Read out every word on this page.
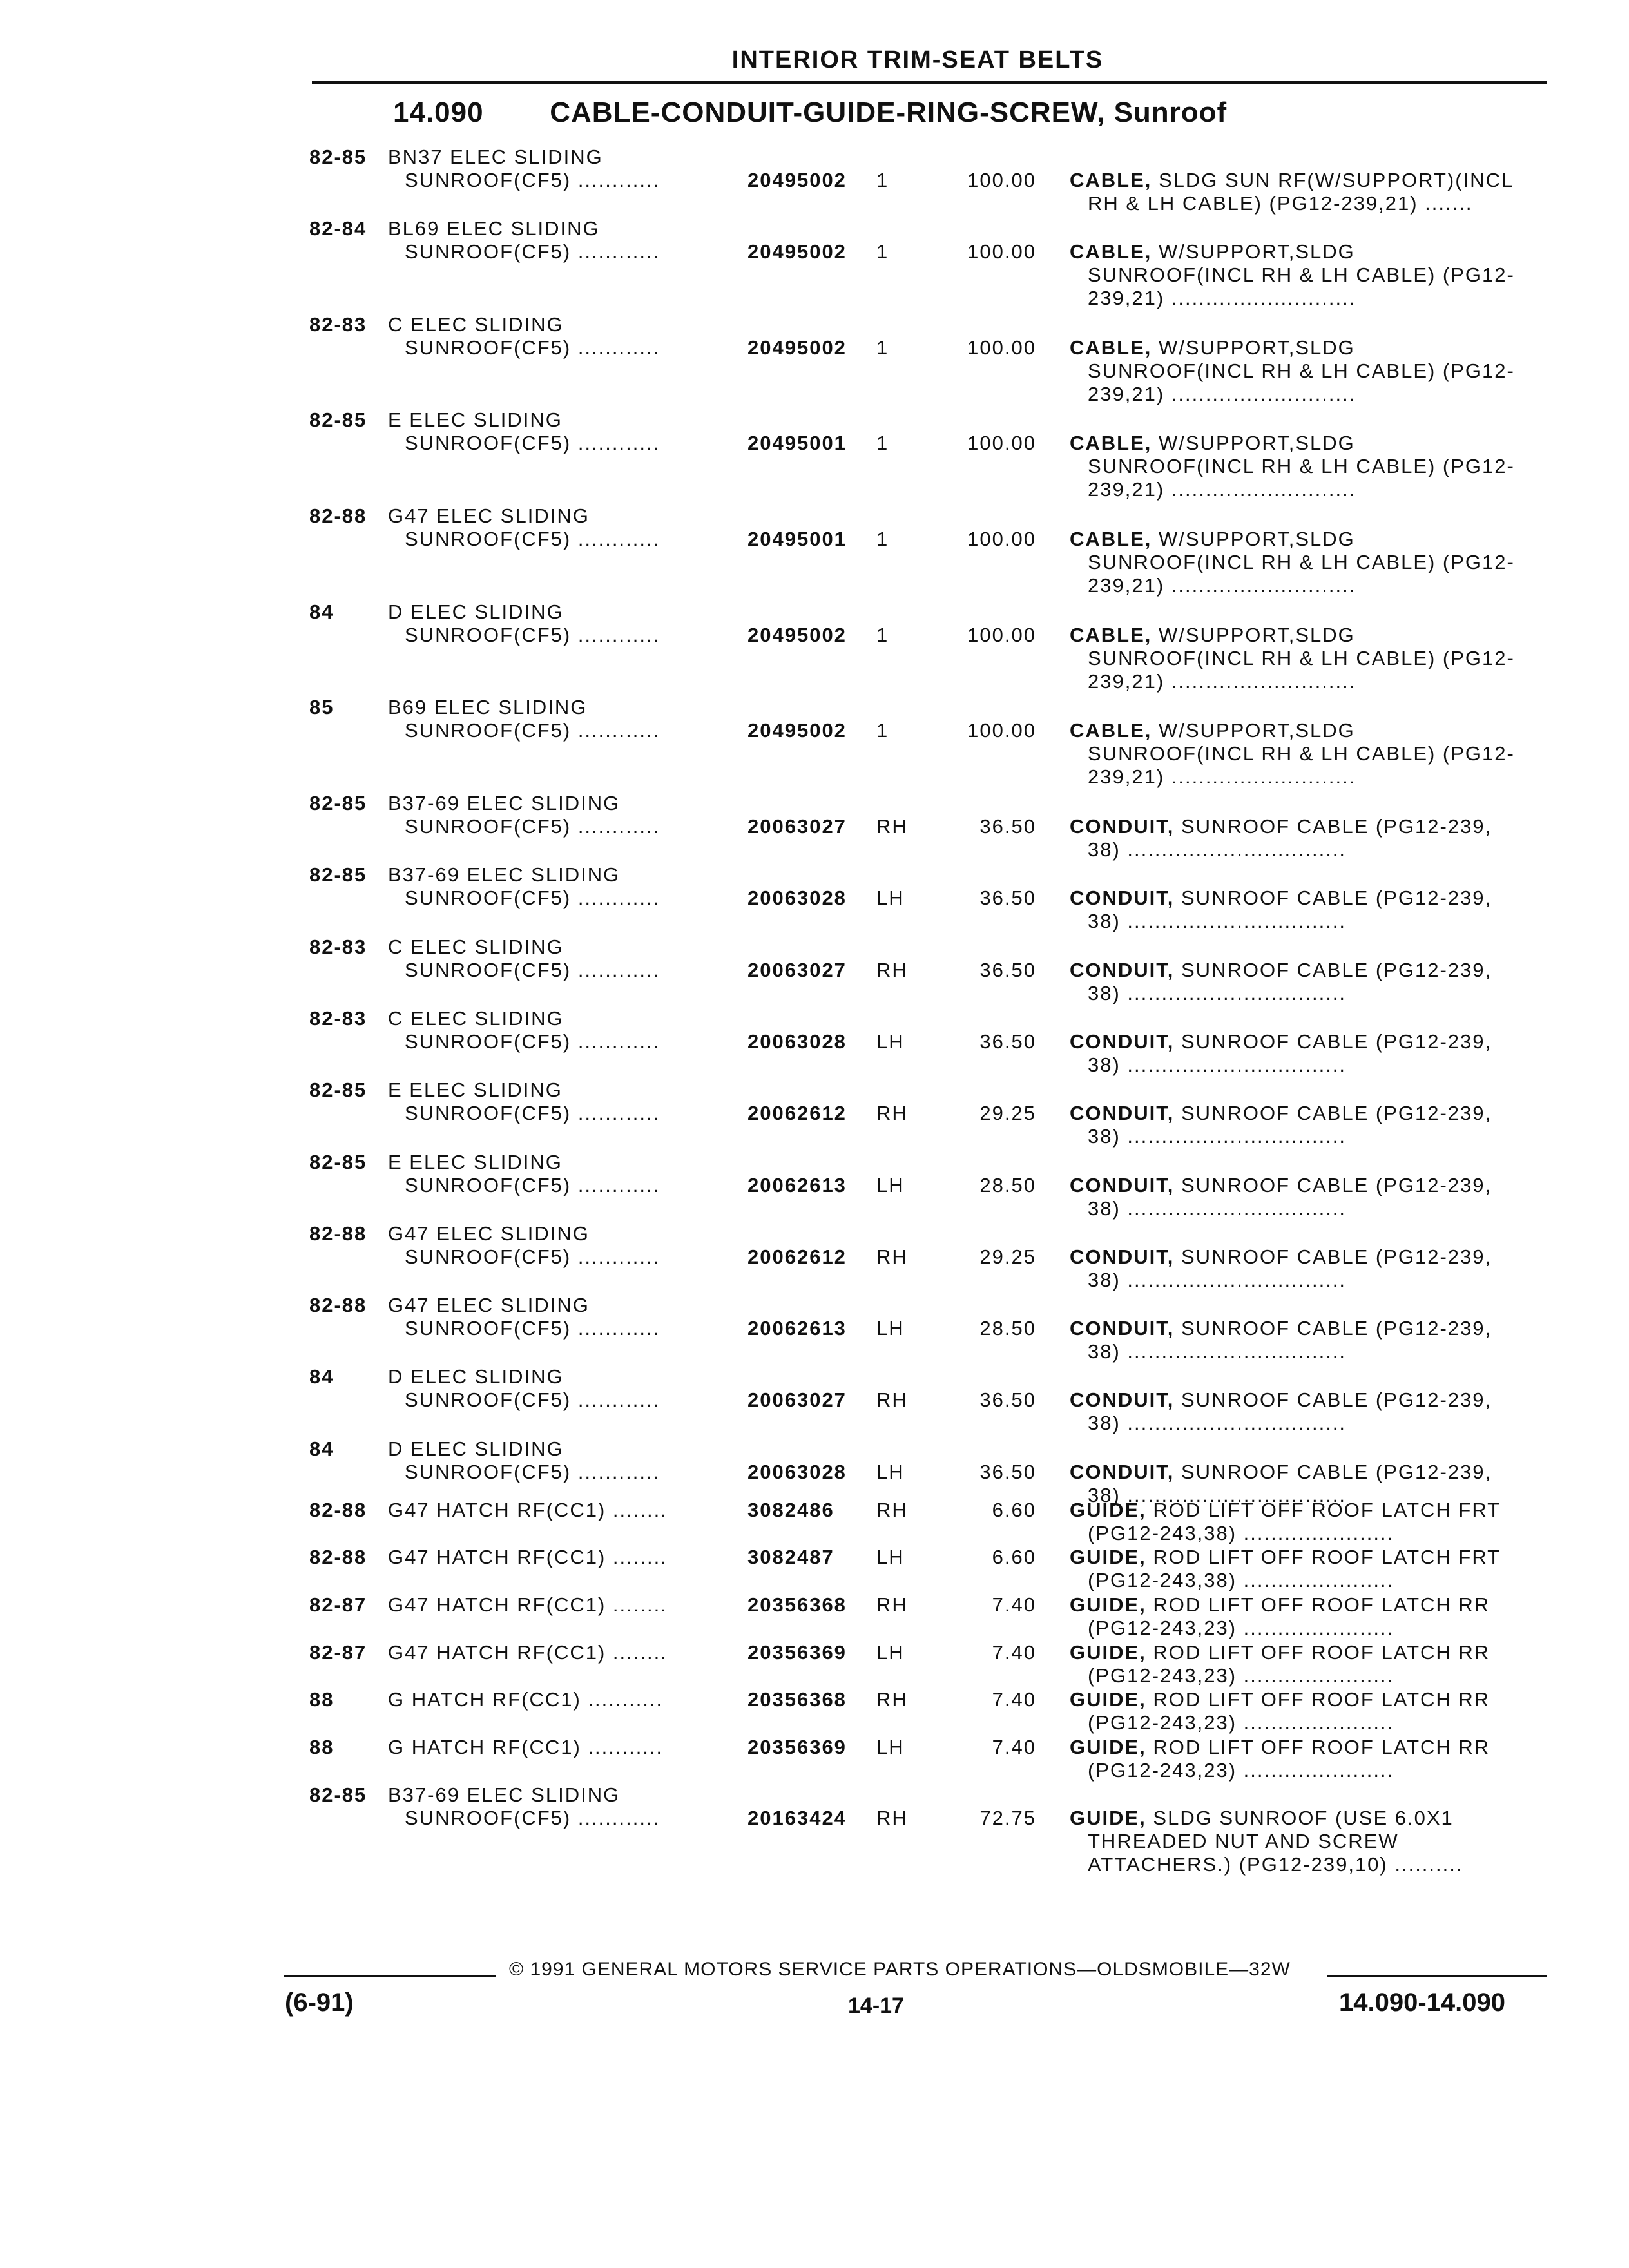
INTERIOR TRIM-SEAT BELTS
14.090 CABLE-CONDUIT-GUIDE-RING-SCREW, Sunroof
82-85 BN37 ELEC SLIDING
SUNROOF(CF5) ............	20495002 1	100.00 CABLE, SLDG SUN RF(W/SUPPORT)(INCL
RH & LH CABLE) (PG12-239,21) .......
82-84 BL69 ELEC SLIDING
SUNROOF(CF5) ............	20495002 1	100.00 CABLE, W/SUPPORT,SLDG
SUNROOF(INCL RH & LH CABLE) (PG12-
239,21) ...........................
82-83 C ELEC SLIDING
SUNROOF(CF5) ............	20495002 1	100.00 CABLE, W/SUPPORT,SLDG
SUNROOF(INCL RH & LH CABLE) (PG12-
239,21) ...........................
82-85 E ELEC SLIDING
SUNROOF(CF5) ............	20495001 1	100.00 CABLE, W/SUPPORT,SLDG
SUNROOF(INCL RH & LH CABLE) (PG12-
239,21) ...........................
82-88 G47 ELEC SLIDING
SUNROOF(CF5) ............	20495001 1	100.00 CABLE, W/SUPPORT,SLDG
SUNROOF(INCL RH & LH CABLE) (PG12-
239,21) ...........................
84	D ELEC SLIDING
SUNROOF(CF5) ............	20495002 1	100.00 CABLE, W/SUPPORT,SLDG
SUNROOF(INCL RH & LH CABLE) (PG12-
239,21) ...........................
85	B69 ELEC SLIDING
SUNROOF(CF5) ............	20495002 1	100.00 CABLE, W/SUPPORT,SLDG
SUNROOF(INCL RH & LH CABLE) (PG12-
239,21) ...........................
82-85 B37-69 ELEC SLIDING
SUNROOF(CF5) ............	20063027 RH	36.50 CONDUIT, SUNROOF CABLE (PG12-239,
38) ................................
82-85 B37-69 ELEC SLIDING
SUNROOF(CF5) ............	20063028 LH	36.50 CONDUIT, SUNROOF CABLE (PG12-239,
38) ................................
82-83 C ELEC SLIDING
SUNROOF(CF5) ............	20063027 RH	36.50 CONDUIT, SUNROOF CABLE (PG12-239,
38) ................................
82-83 C ELEC SLIDING
SUNROOF(CF5) ............	20063028 LH	36.50 CONDUIT, SUNROOF CABLE (PG12-239,
38) ................................
82-85 E ELEC SLIDING
SUNROOF(CF5) ............	20062612 RH	29.25 CONDUIT, SUNROOF CABLE (PG12-239,
38) ................................
82-85 E ELEC SLIDING
SUNROOF(CF5) ............	20062613 LH	28.50 CONDUIT, SUNROOF CABLE (PG12-239,
38) ................................
82-88 G47 ELEC SLIDING
SUNROOF(CF5) ............	20062612 RH	29.25 CONDUIT, SUNROOF CABLE (PG12-239,
38) ................................
82-88 G47 ELEC SLIDING
SUNROOF(CF5) ............	20062613 LH	28.50 CONDUIT, SUNROOF CABLE (PG12-239,
38) ................................
84	D ELEC SLIDING
SUNROOF(CF5) ............	20063027 RH	36.50 CONDUIT, SUNROOF CABLE (PG12-239,
38) ................................
84	D ELEC SLIDING
SUNROOF(CF5) ............	20063028 LH	36.50 CONDUIT, SUNROOF CABLE (PG12-239,
38) ................................
82-88 G47 HATCH RF(CC1) ........	3082486 RH	6.60 GUIDE, ROD LIFT OFF ROOF LATCH FRT
(PG12-243,38) ......................
82-88 G47 HATCH RF(CC1) ........	3082487 LH	6.60 GUIDE, ROD LIFT OFF ROOF LATCH FRT
(PG12-243,38) ......................
82-87 G47 HATCH RF(CC1) ........	20356368 RH	7.40 GUIDE, ROD LIFT OFF ROOF LATCH RR
(PG12-243,23) ......................
82-87 G47 HATCH RF(CC1) ........	20356369 LH	7.40 GUIDE, ROD LIFT OFF ROOF LATCH RR
(PG12-243,23) ......................
88	G HATCH RF(CC1) ...........	20356368 RH	7.40 GUIDE, ROD LIFT OFF ROOF LATCH RR
(PG12-243,23) ......................
88	G HATCH RF(CC1) ...........	20356369 LH	7.40 GUIDE, ROD LIFT OFF ROOF LATCH RR
(PG12-243,23) ......................
82-85 B37-69 ELEC SLIDING
SUNROOF(CF5) ............	20163424 RH	72.75 GUIDE, SLDG SUNROOF (USE 6.0X1
THREADED NUT AND SCREW
ATTACHERS.) (PG12-239,10) ..........
© 1991 GENERAL MOTORS SERVICE PARTS OPERATIONS—OLDSMOBILE—32W
(6-91)	14-17	14.090-14.090
